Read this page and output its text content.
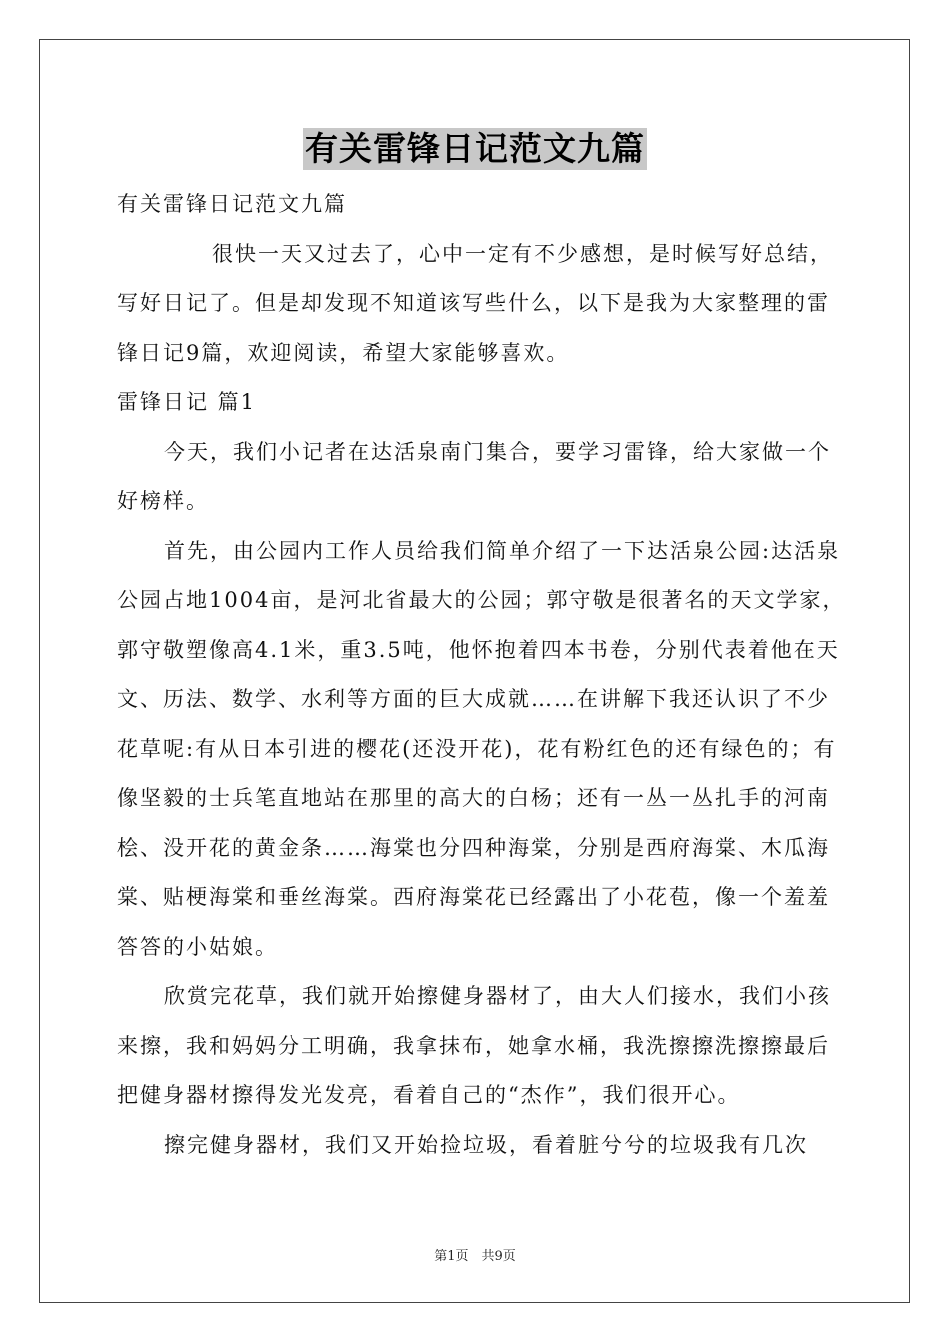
有关雷锋日记范文九篇

有关雷锋日记范文九篇

很快一天又过去了，心中一定有不少感想，是时候写好总结，写好日记了。但是却发现不知道该写些什么，以下是我为大家整理的雷锋日记9篇，欢迎阅读，希望大家能够喜欢。

雷锋日记 篇1

今天，我们小记者在达活泉南门集合，要学习雷锋，给大家做一个好榜样。

首先，由公园内工作人员给我们简单介绍了一下达活泉公园:达活泉公园占地1004亩，是河北省最大的公园；郭守敬是很著名的天文学家，郭守敬塑像高4.1米，重3.5吨，他怀抱着四本书卷，分别代表着他在天文、历法、数学、水利等方面的巨大成就……在讲解下我还认识了不少花草呢:有从日本引进的樱花(还没开花)，花有粉红色的还有绿色的；有像坚毅的士兵笔直地站在那里的高大的白杨；还有一丛一丛扎手的河南桧、没开花的黄金条……海棠也分四种海棠，分别是西府海棠、木瓜海棠、贴梗海棠和垂丝海棠。西府海棠花已经露出了小花苞，像一个羞羞答答的小姑娘。

欣赏完花草，我们就开始擦健身器材了，由大人们接水，我们小孩来擦，我和妈妈分工明确，我拿抹布，她拿水桶，我洗擦擦洗擦擦最后把健身器材擦得发光发亮，看着自己的“杰作”，我们很开心。

擦完健身器材，我们又开始捡垃圾，看着脏兮兮的垃圾我有几次

第1页　共9页
